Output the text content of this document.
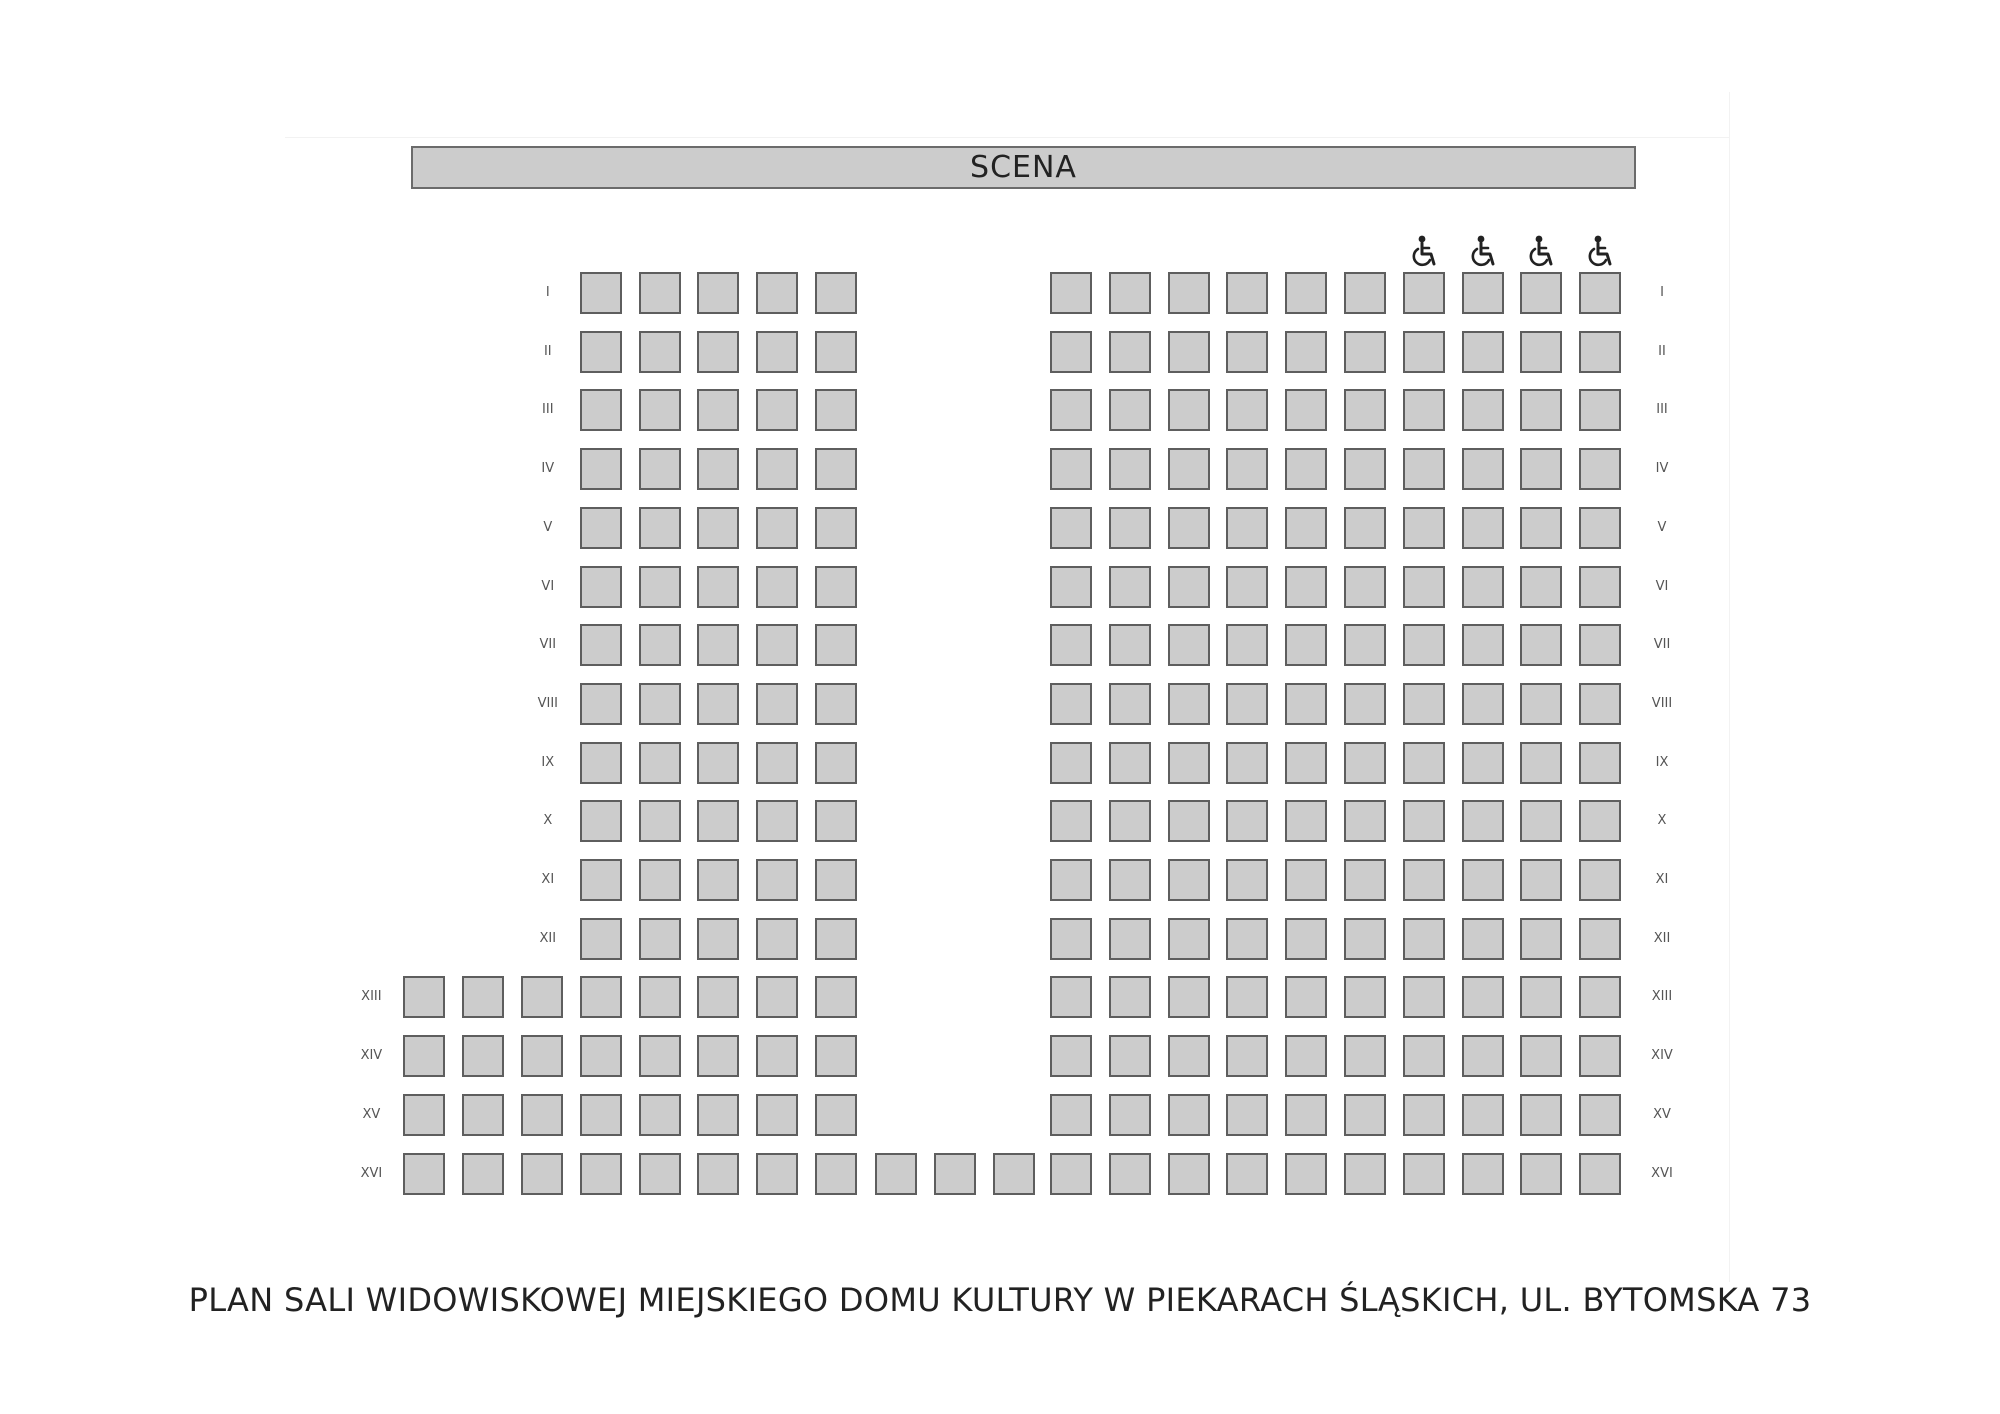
SCENA
I	I
II	II
III	III
IV	IV
V	V
VI	VI
VII	VII
VIII	VIII
IX	IX
X	X
XI	XI
XII	XII
XIII	XIII
XIV	XIV
XV	XV
XVI	XVI
PLAN SALI WIDOWISKOWEJ MIEJSKIEGO DOMU KULTURY W PIEKARACH ŚLĄSKICH, UL. BYTOMSKA 73
